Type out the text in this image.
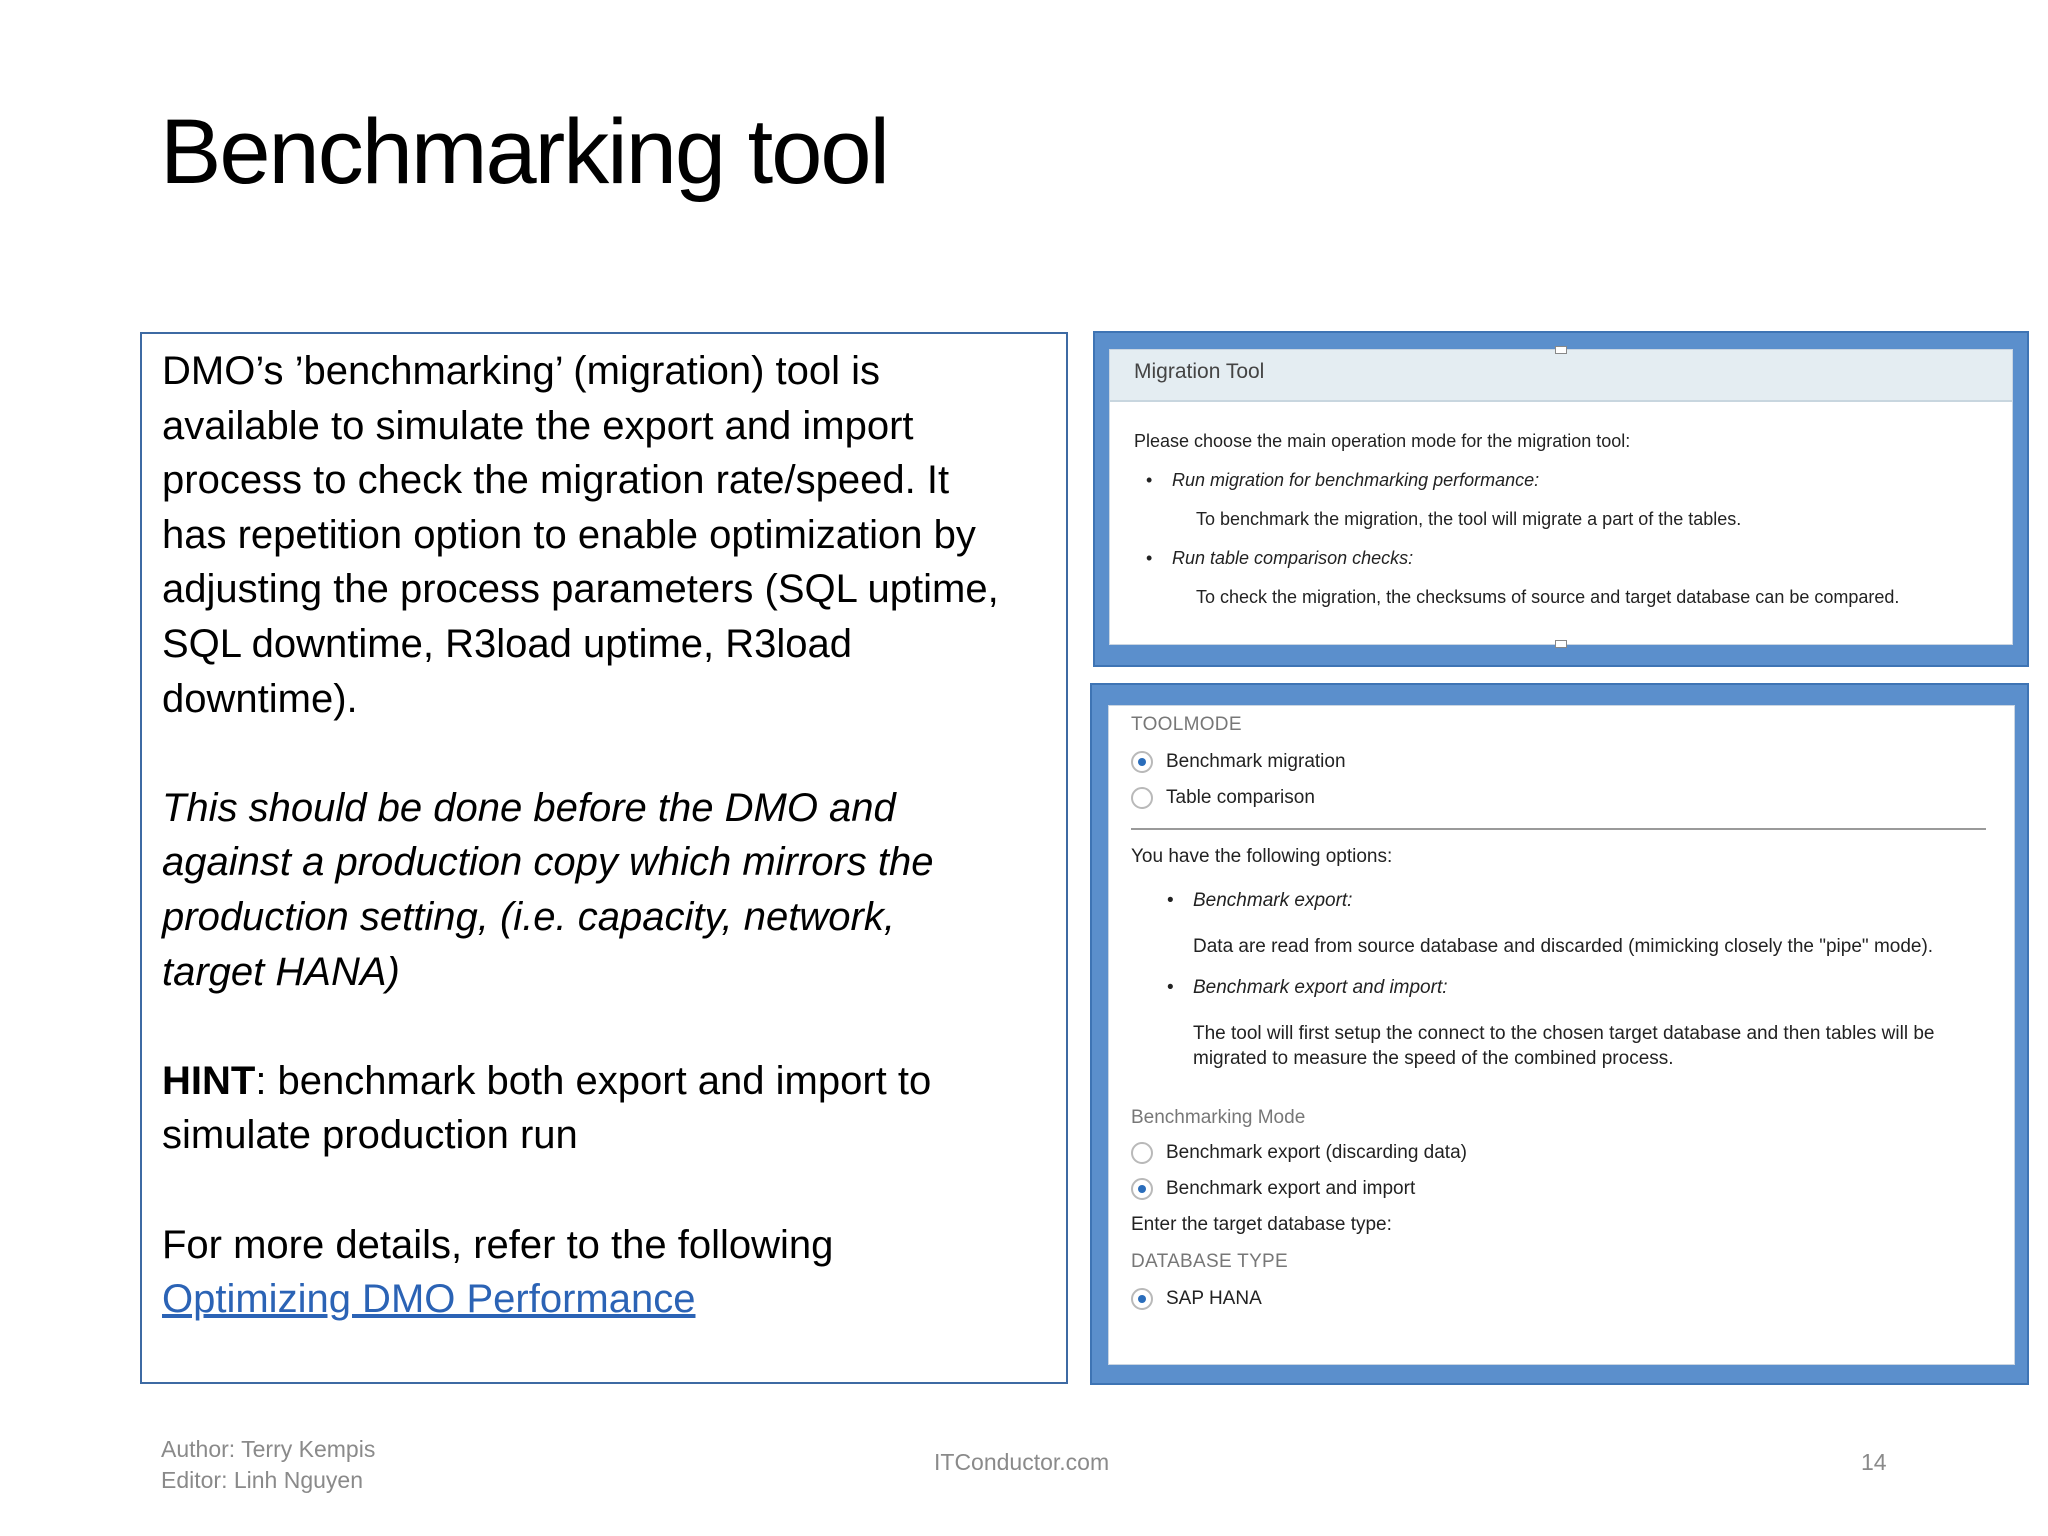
Benchmarking tool

DMO’s ’benchmarking’ (migration) tool is

available to simulate the export and import

process to check the migration rate/speed. It

has repetition option to enable optimization by

adjusting the process parameters (SQL uptime,

SQL downtime, R3load uptime, R3load

downtime).

This should be done before the DMO and

against a production copy which mirrors the

production setting, (i.e. capacity, network,

target HANA)

HINT: benchmark both export and import to

simulate production run

For more details, refer to the following

Optimizing DMO Performance

Migration Tool
Please choose the main operation mode for the migration tool:
• Run migration for benchmarking performance:
To benchmark the migration, the tool will migrate a part of the tables.
• Run table comparison checks:
To check the migration, the checksums of source and target database can be compared.
TOOLMODE
Benchmark migration
Table comparison
You have the following options:
• Benchmark export:
Data are read from source database and discarded (mimicking closely the "pipe" mode).
• Benchmark export and import:
The tool will first setup the connect to the chosen target database and then tables will be
migrated to measure the speed of the combined process.
Benchmarking Mode
Benchmark export (discarding data)
Benchmark export and import
Enter the target database type:
DATABASE TYPE
SAP HANA
Author: Terry Kempis
Editor: Linh Nguyen
ITConductor.com	14
